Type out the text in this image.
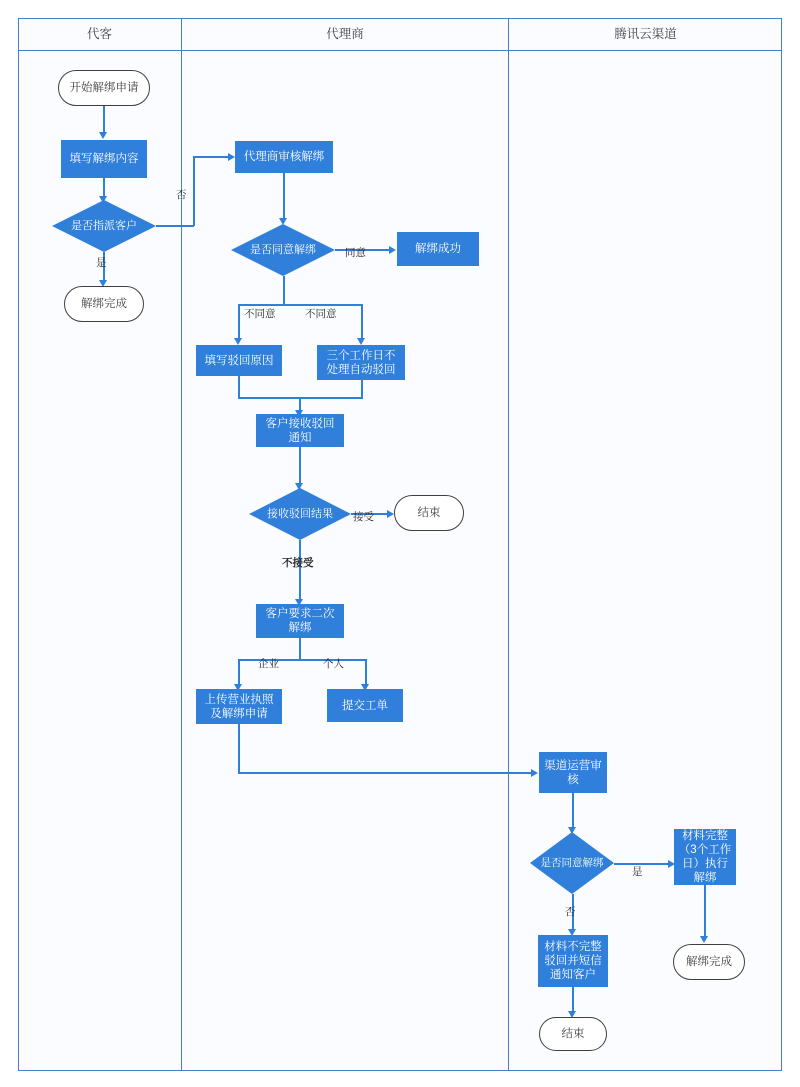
代客	代理商	腾讯云渠道
开始解绑申请
填写解绑内容
是否指派客户
是
解绑完成
否
代理商审核解绑
是否同意解绑	同意	解绑成功
不同意	不同意
填写驳回原因	三个工作日不处理自动驳回
客户接收驳回通知
接收驳回结果	接受	结束
不接受
客户要求二次解绑
企业	个人
上传营业执照及解绑申请
提交工单
渠道运营审核
是否同意解绑
是
材料完整（3个工作日）执行解绑
解绑完成
否
材料不完整驳回并短信通知客户
结束
